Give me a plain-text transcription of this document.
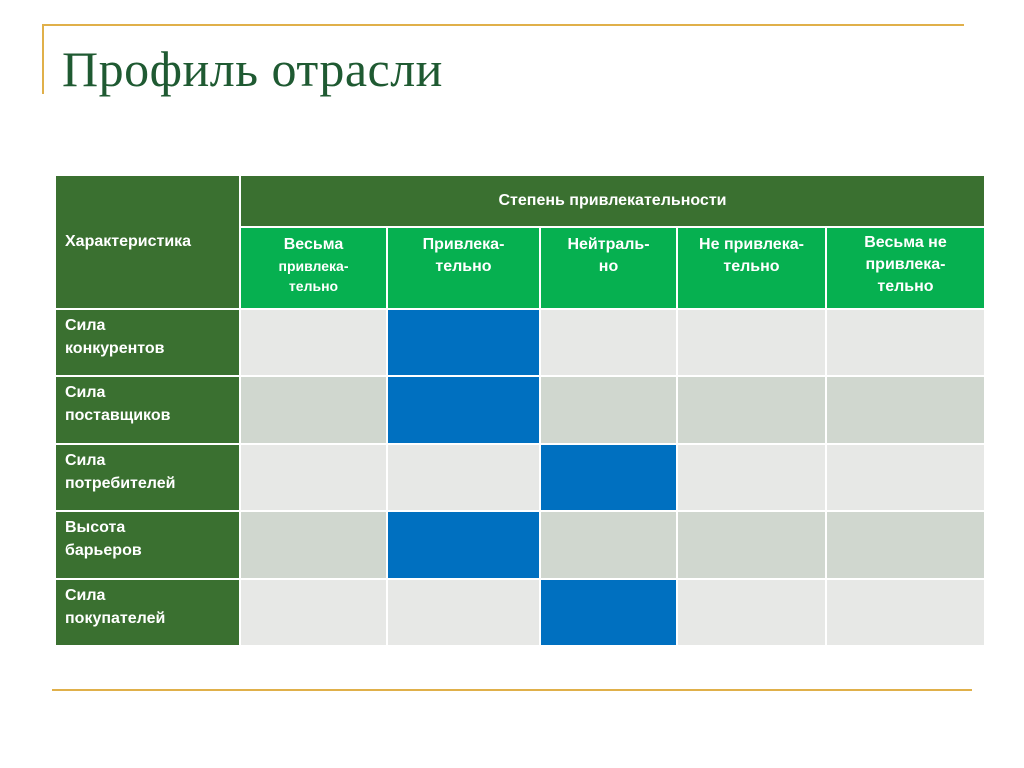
Профиль отрасли
Характеристика
Степень привлекательности
Весьма
привлека-
тельно
Привлека-
тельно
Нейтраль-
но
Не привлека-
тельно
Весьма не
привлека-
тельно
Сила
конкурентов
Сила
поставщиков
Сила
потребителей
Высота
барьеров
Сила
покупателей
